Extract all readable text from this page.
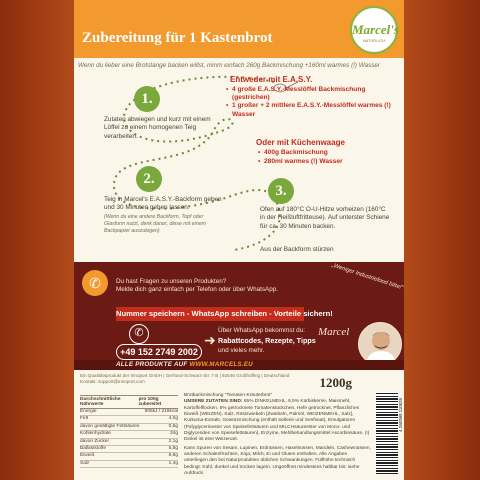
Zubereitung für 1 Kastenbrot
Marcel's
NATÜRLICH
Wenn du lieber eine Brotstange backen willst, nimm einfach 260g Backmischung +160ml warmes (!) Wasser
1.
Zutaten abwiegen und kurz mit einem Löffel zu einem homogenen Teig verarbeiten.
2.
Teig in Marcel's E.A.S.Y.-Backform geben und 30 Minuten gehen lassen.
(Wenn du eine andere Backform, Topf oder Glasform nutzt, denk daran, diese mit einem Backpapier auszulegen)
3.
Ofen auf 180°C O-U-Hitze vorheizen (160°C in der Heißluftfritteuse). Auf unterster Schiene für ca. 30 Minuten backen.
Aus der Backform stürzen
Entweder mit E.A.S.Y.
• 4 große E.A.S.Y.-Messlöffel Backmischung (gestrichen)
• 1 großer + 2 mittlere E.A.S.Y.-Messlöffel warmes (!) Wasser
Oder mit Küchenwaage
• 400g Backmischung
• 280ml warmes (!) Wasser
✆	Du hast Fragen zu unseren Produkten?
Melde dich ganz einfach per Telefon oder über WhatsApp.	„Weniger Industriefood bitte!"
Nummer speichern - WhatsApp schreiben - Vorteile sichern!
✆
+49 152 2749 2002
➜
Über WhatsApp bekommst du:
Rabattcodes, Rezepte, Tipps
und vieles mehr.
Marcel
ALLE PRODUKTE AUF WWW.MARCELS.EU
Ein Qualitätsprodukt der Innoport GmbH | Gerhard-Schwarz-Str. 7 B | 92546 Großhöfling | Deutschland
Kontakt: support@innoport.com	1200g
Durchschnittliche Nährwerte
pro 100g zubereitet
Energie	905kJ / 216kcal
Fett	4,0g
davon gesättigte Fettsäuren	0,5g
Kohlenhydrate	34g
davon Zucker	2,1g
Ballaststoffe	5,8g
Eiweiß	6,6g
Salz	1,4g
Brotbackmischung "Tomaten-Kräuterbrot"
UNSERE ZUTATEN SIND: 65% DINKELMEHL, 6,5% Kürbiskerne, Maismehl, Kartoffelflocken, 5% getrocknete Tomatenstückchen, Hefe getrocknet, Pflanzliches Eiweiß (WEIZEN), Salz, Röstzwiebeln [Zwiebeln, Palmöl, WEIZENMEHL, Salz], Kurkuma-Extrakt, Gewürzmischung (enthält Sellerie und Senfsaat), Emulgatoren (Polyglycerinester von Speisefettsäuren und MILCHsäureester von Mono- und Diglyceriden von Speisefettsäuren), Enzyme, Mehlbehandlungsmittel Ascorbinsäure. (!) Dinkel ist eine Weizenart.
Kann Spuren von Sesam, Lupinen, Erdnüssen, Haselnüssen, Mandeln, Cashewnüssen, anderen Schalenfrüchten, Soja, Milch, Ei und Gluten enthalten. Alle Angaben unterliegen den bei Naturprodukten üblichen Schwankungen. Füllhöhe technisch bedingt. Kühl, dunkel und trocken lagern. Ungeöffnet mindestens haltbar bis: siehe Aufdruck.
4 260989 110625
